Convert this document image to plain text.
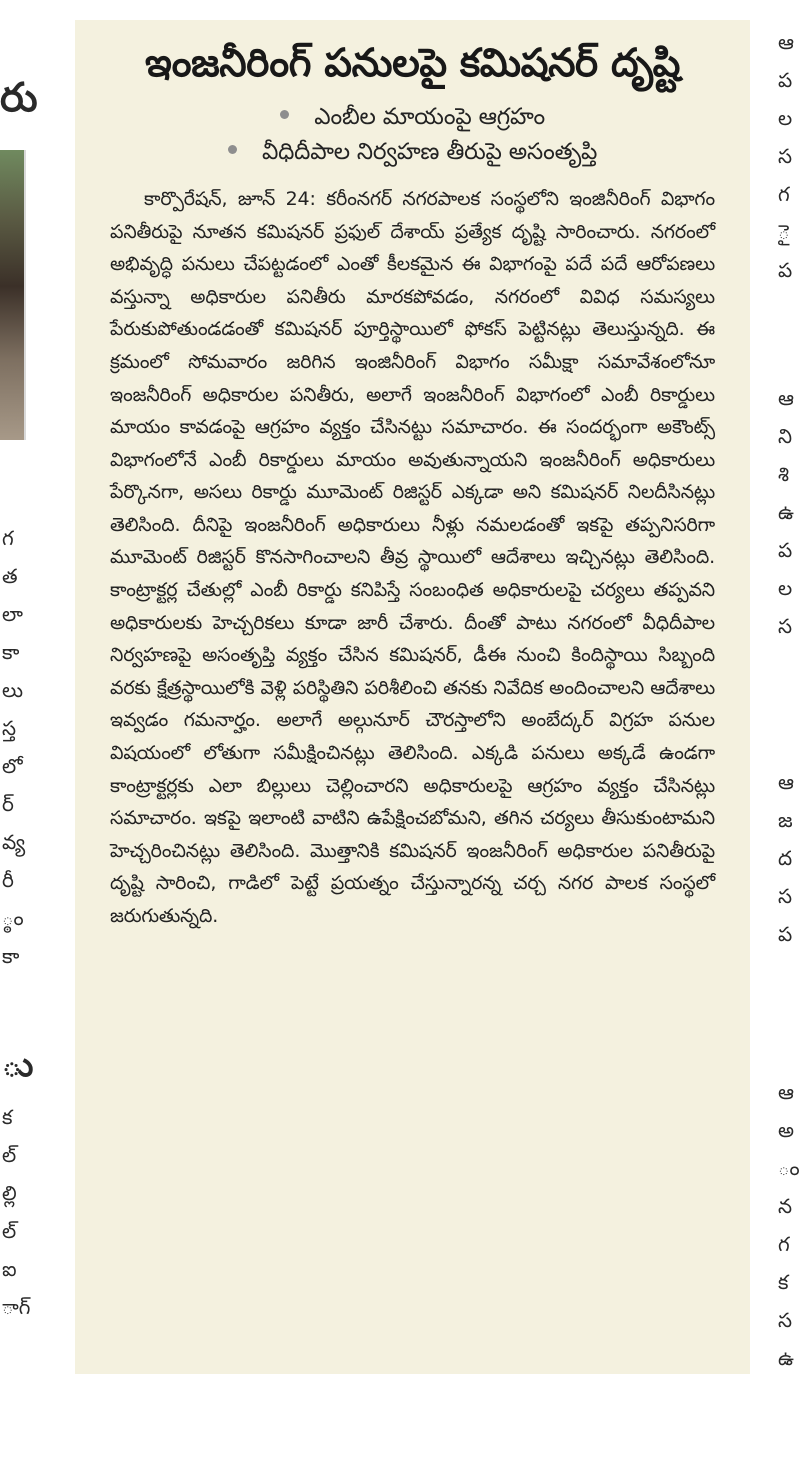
రు
గ
త
లా
కా
లు
స్త
లో
ర్
వ్య
రీ
్ఠం
కా
ు
క
ల్
ల్లి
ల్
ఐ
ాగ్
ఆ
ప
ల
స
గ
ై
ప
ఆ
ని
శి
ఉ
ప
ల
స
ఆ
జ
ద
స
ప
ఆ
అ
ం
న
గ
క
స
ఉ
ఇంజనీరింగ్ పనులపై కమిషనర్ దృష్టి
ఎంబీల మాయంపై ఆగ్రహం
వీధిదీపాల నిర్వహణ తీరుపై అసంతృప్తి

కార్పొరేషన్, జూన్ 24: కరీంనగర్ నగరపాలక సంస్థలోని ఇంజినీరింగ్ విభాగం పనితీరుపై నూతన కమిషనర్ ప్రఫుల్ దేశాయ్ ప్రత్యేక దృష్టి సారించారు. నగరంలో అభివృద్ధి పనులు చేపట్టడంలో ఎంతో కీలకమైన ఈ విభాగంపై పదే పదే ఆరోపణలు వస్తున్నా అధికారుల పనితీరు మారకపోవడం, నగరంలో వివిధ సమస్యలు పేరుకుపోతుండడంతో కమిషనర్ పూర్తిస్థాయిలో ఫోకస్ పెట్టినట్లు తెలుస్తున్నది. ఈ క్రమంలో సోమవారం జరిగిన ఇంజినీరింగ్ విభాగం సమీక్షా సమావేశంలోనూ ఇంజనీరింగ్ అధికారుల పనితీరు, అలాగే ఇంజనీరింగ్ విభాగంలో ఎంబీ రికార్డులు మాయం కావడంపై ఆగ్రహం వ్యక్తం చేసినట్టు సమాచారం. ఈ సందర్భంగా అకౌంట్స్ విభాగంలోనే ఎంబీ రికార్డులు మాయం అవుతున్నాయని ఇంజనీరింగ్ అధికారులు పేర్కొనగా, అసలు రికార్డు మూమెంట్ రిజిస్టర్ ఎక్కడా అని కమిషనర్ నిలదీసినట్లు తెలిసింది. దీనిపై ఇంజనీరింగ్ అధికారులు నీళ్లు నమలడంతో ఇకపై తప్పనిసరిగా మూమెంట్ రిజిస్టర్ కొనసాగించాలని తీవ్ర స్థాయిలో ఆదేశాలు ఇచ్చినట్లు తెలిసింది. కాంట్రాక్టర్ల చేతుల్లో ఎంబీ రికార్డు కనిపిస్తే సంబంధిత అధికారులపై చర్యలు తప్పవని అధికారులకు హెచ్చరికలు కూడా జారీ చేశారు. దీంతో పాటు నగరంలో వీధిదీపాల నిర్వహణపై అసంతృప్తి వ్యక్తం చేసిన కమిషనర్, డీఈ నుంచి కిందిస్థాయి సిబ్బంది వరకు క్షేత్రస్థాయిలోకి వెళ్లి పరిస్థితిని పరిశీలించి తనకు నివేదిక అందించాలని ఆదేశాలు ఇవ్వడం గమనార్హం. అలాగే అల్గునూర్ చౌరస్తాలోని అంబేద్కర్ విగ్రహ పనుల విషయంలో లోతుగా సమీక్షించినట్లు తెలిసింది. ఎక్కడి పనులు అక్కడే ఉండగా కాంట్రాక్టర్లకు ఎలా బిల్లులు చెల్లించారని అధికారులపై ఆగ్రహం వ్యక్తం చేసినట్లు సమాచారం. ఇకపై ఇలాంటి వాటిని ఉపేక్షించబోమని, తగిన చర్యలు తీసుకుంటామని హెచ్చరించినట్లు తెలిసింది. మొత్తానికి కమిషనర్ ఇంజనీరింగ్ అధికారుల పనితీరుపై దృష్టి సారించి, గాడిలో పెట్టే ప్రయత్నం చేస్తున్నారన్న చర్చ నగర పాలక సంస్థలో జరుగుతున్నది.
